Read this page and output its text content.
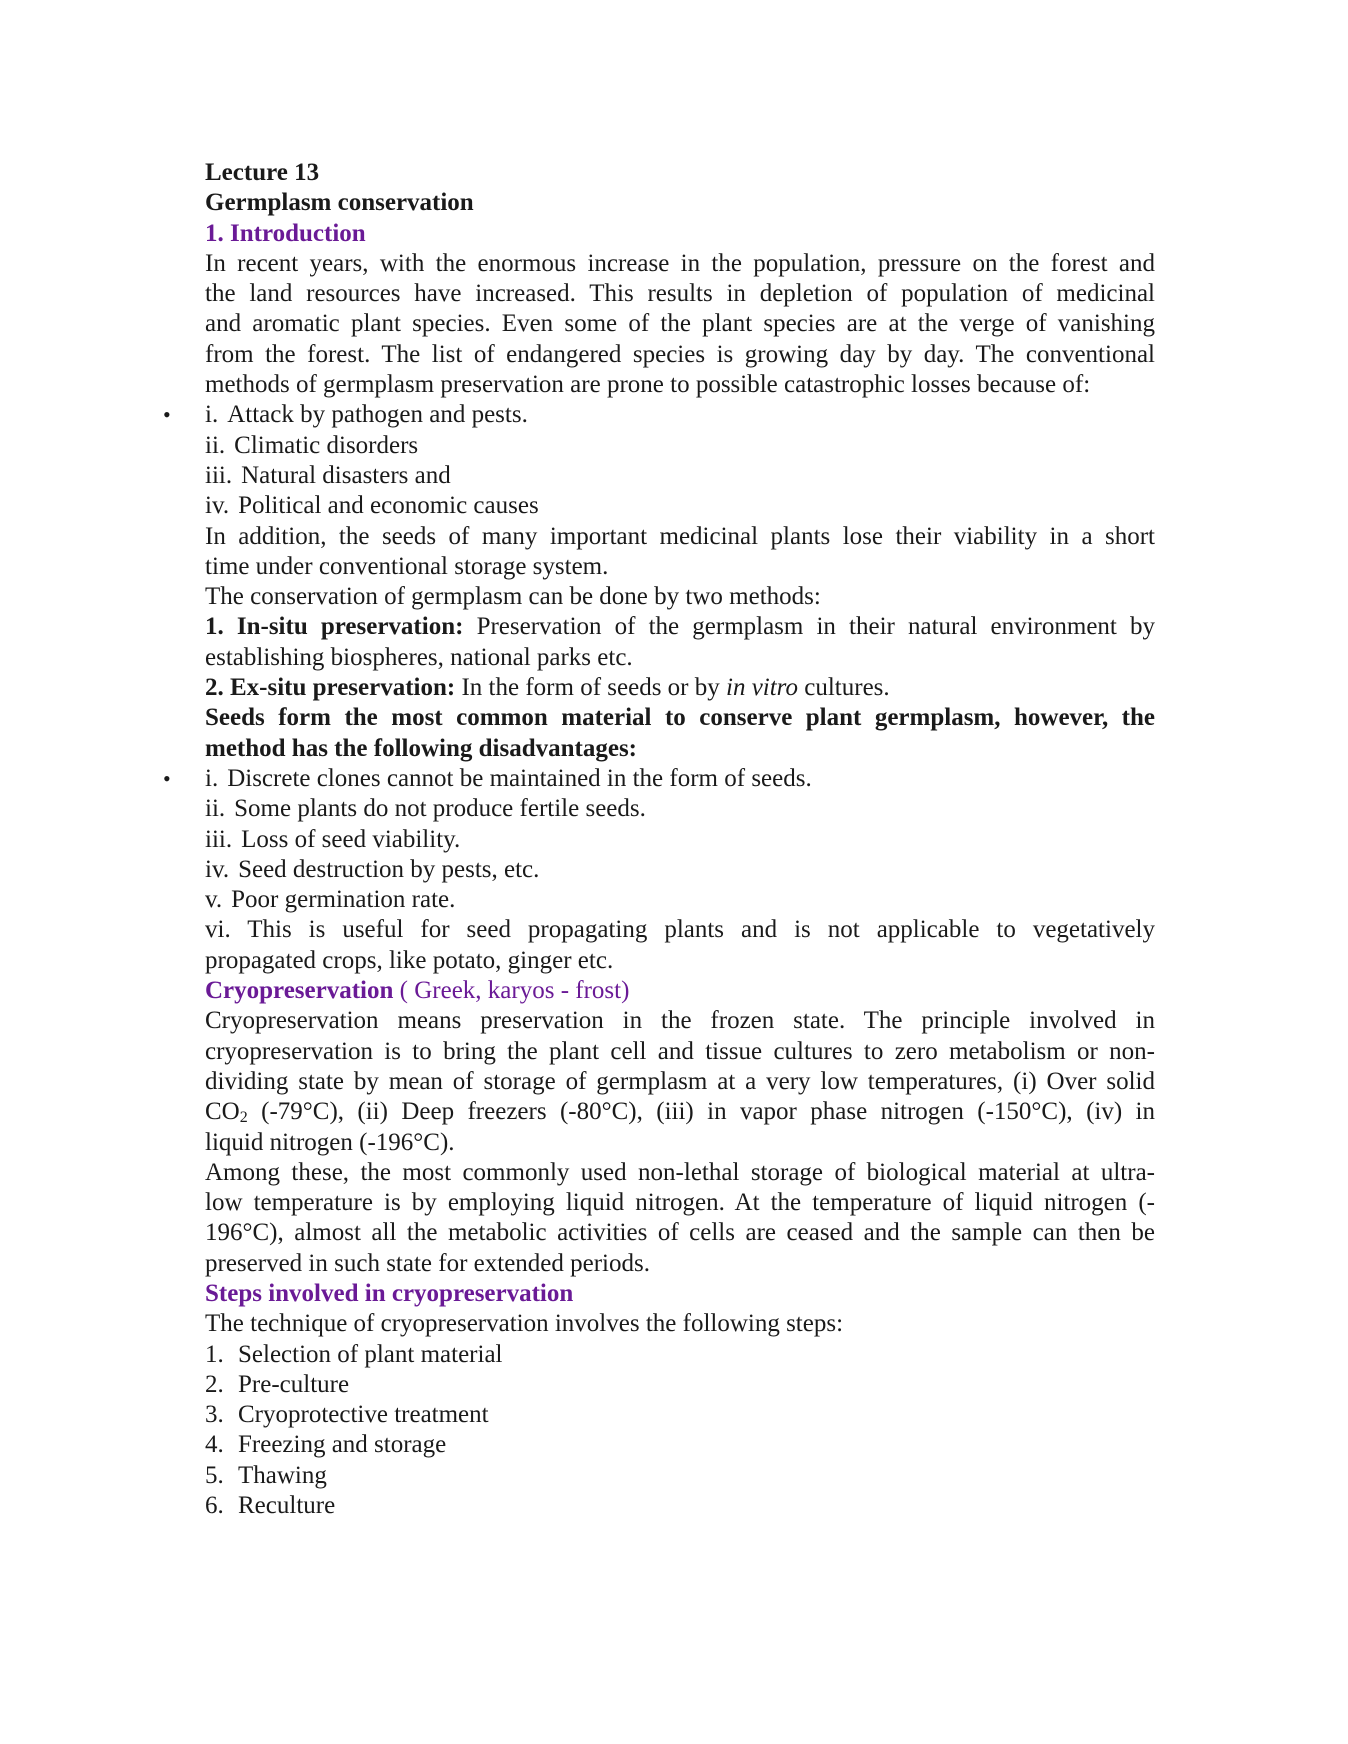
Lecture 13
Germplasm conservation
1. Introduction
In recent years, with the enormous increase in the population, pressure on the forest and
the land resources have increased. This results in depletion of population of medicinal
and aromatic plant species. Even some of the plant species are at the verge of vanishing
from the forest. The list of endangered species is growing day by day. The conventional
methods of germplasm preservation are prone to possible catastrophic losses because of:
• i. Attack by pathogen and pests.
ii. Climatic disorders
iii. Natural disasters and
iv. Political and economic causes
In addition, the seeds of many important medicinal plants lose their viability in a short
time under conventional storage system.
The conservation of germplasm can be done by two methods:
1. In-situ preservation: Preservation of the germplasm in their natural environment by
establishing biospheres, national parks etc.
2. Ex-situ preservation: In the form of seeds or by in vitro cultures.
Seeds form the most common material to conserve plant germplasm, however, the
method has the following disadvantages:
• i. Discrete clones cannot be maintained in the form of seeds.
ii. Some plants do not produce fertile seeds.
iii. Loss of seed viability.
iv. Seed destruction by pests, etc.
v. Poor germination rate.
vi. This is useful for seed propagating plants and is not applicable to vegetatively
propagated crops, like potato, ginger etc.
Cryopreservation ( Greek, karyos - frost)
Cryopreservation means preservation in the frozen state. The principle involved in
cryopreservation is to bring the plant cell and tissue cultures to zero metabolism or non-
dividing state by mean of storage of germplasm at a very low temperatures, (i) Over solid
$CO_2$ (-79°C), (ii) Deep freezers (-80°C), (iii) in vapor phase nitrogen (-150°C), (iv) in
liquid nitrogen (-196°C).
Among these, the most commonly used non-lethal storage of biological material at ultra-
low temperature is by employing liquid nitrogen. At the temperature of liquid nitrogen (-
196°C), almost all the metabolic activities of cells are ceased and the sample can then be
preserved in such state for extended periods.
Steps involved in cryopreservation
The technique of cryopreservation involves the following steps:
1. Selection of plant material
2. Pre-culture
3. Cryoprotective treatment
4. Freezing and storage
5. Thawing
6. Reculture
